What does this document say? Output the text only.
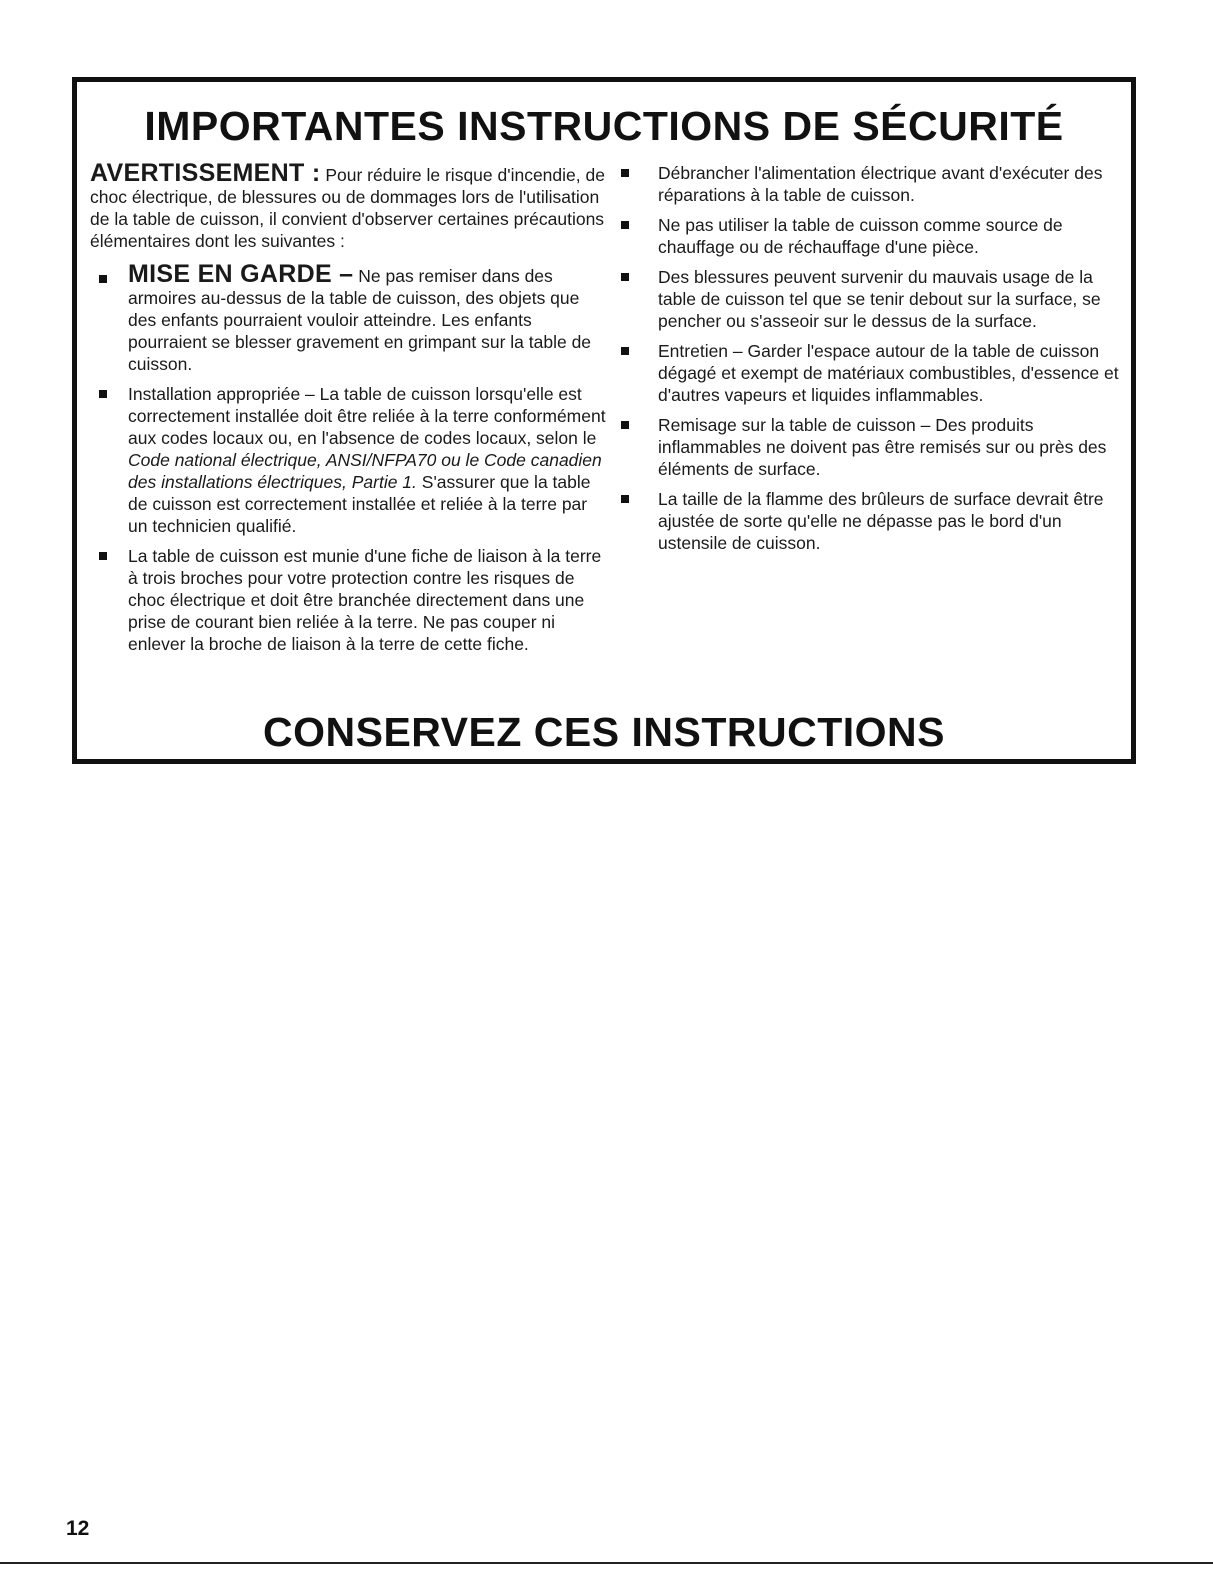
IMPORTANTES INSTRUCTIONS DE SÉCURITÉ

AVERTISSEMENT : Pour réduire le risque d'incendie, de choc électrique, de blessures ou de dommages lors de l'utilisation de la table de cuisson, il convient d'observer certaines précautions élémentaires dont les suivantes :

MISE EN GARDE – Ne pas remiser dans des armoires au-dessus de la table de cuisson, des objets que des enfants pourraient vouloir atteindre. Les enfants pourraient se blesser gravement en grimpant sur la table de cuisson.
Installation appropriée – La table de cuisson lorsqu'elle est correctement installée doit être reliée à la terre conformément aux codes locaux ou, en l'absence de codes locaux, selon le Code national électrique, ANSI/NFPA70 ou le Code canadien des installations électriques, Partie 1. S'assurer que la table de cuisson est correctement installée et reliée à la terre par un technicien qualifié.
La table de cuisson est munie d'une fiche de liaison à la terre à trois broches pour votre protection contre les risques de choc électrique et doit être branchée directement dans une prise de courant bien reliée à la terre. Ne pas couper ni enlever la broche de liaison à la terre de cette fiche.
Débrancher l'alimentation électrique avant d'exécuter des réparations à la table de cuisson.
Ne pas utiliser la table de cuisson comme source de chauffage ou de réchauffage d'une pièce.
Des blessures peuvent survenir du mauvais usage de la table de cuisson tel que se tenir debout sur la surface, se pencher ou s'asseoir sur le dessus de la surface.
Entretien – Garder l'espace autour de la table de cuisson dégagé et exempt de matériaux combustibles, d'essence et d'autres vapeurs et liquides inflammables.
Remisage sur la table de cuisson – Des produits inflammables ne doivent pas être remisés sur ou près des éléments de surface.
La taille de la flamme des brûleurs de surface devrait être ajustée de sorte qu'elle ne dépasse pas le bord d'un ustensile de cuisson.
CONSERVEZ CES INSTRUCTIONS
12
